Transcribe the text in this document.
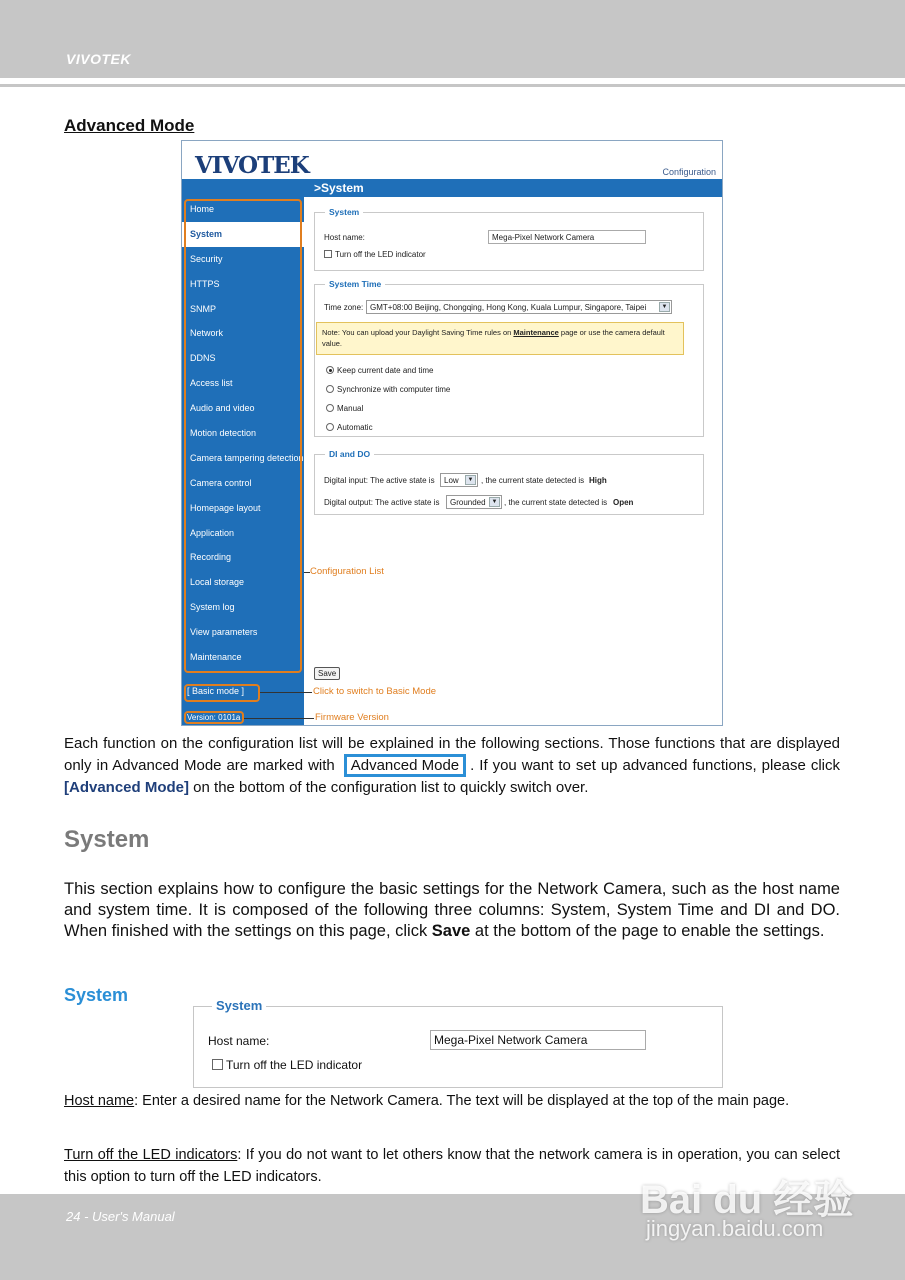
VIVOTEK
Advanced Mode
VIVOTEK	Configuration
>System
Home
System
Security
HTTPS
SNMP
Network
DDNS
Access list
Audio and video
Motion detection
Camera tampering detection
Camera control
Homepage layout
Application
Recording
Local storage
System log
View parameters
Maintenance
[ Basic mode ]
Version: 0101a
System
Host name:	Mega-Pixel Network Camera
Turn off the LED indicator
System Time
Time zone: GMT+08:00 Beijing, Chongqing, Hong Kong, Kuala Lumpur, Singapore, Taipei	▼
Note: You can upload your Daylight Saving Time rules on Maintenance page or use the camera default value.
Keep current date and time
Synchronize with computer time
Manual
Automatic
DI and DO
Digital input: The active state is	Low	▼ , the current state detected is High
Digital output: The active state is	Grounded ▼ , the current state detected is Open
Save
Configuration List
Click to switch to Basic Mode
Firmware Version
Each function on the configuration list will be explained in the following sections. Those functions that are displayed only in Advanced Mode are marked with Advanced Mode . If you want to set up advanced functions, please click [Advanced Mode] on the bottom of the configuration list to quickly switch over.
System
This section explains how to configure the basic settings for the Network Camera, such as the host name and system time. It is composed of the following three columns: System, System Time and DI and DO. When finished with the settings on this page, click Save at the bottom of the page to enable the settings.
System
System
Host name:	Mega-Pixel Network Camera
Turn off the LED indicator
Host name: Enter a desired name for the Network Camera. The text will be displayed at the top of the main page.
Turn off the LED indicators: If you do not want to let others know that the network camera is in operation, you can select this option to turn off the LED indicators.
24 - User's Manual	Bai du 经验
jingyan.baidu.com
